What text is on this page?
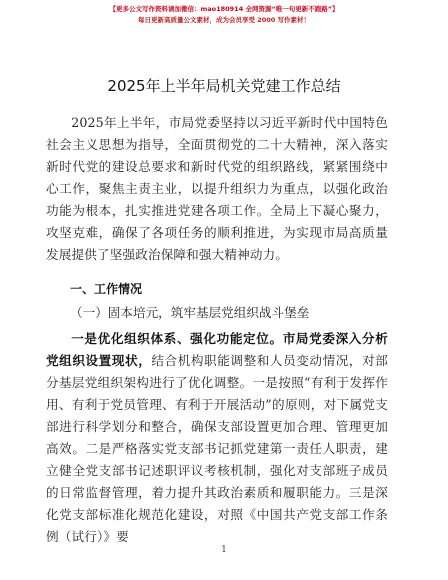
【更多公文写作资料请加微信：mao180914 全网资源“唯一句更新不跑路”】
每日更新高质量公文素材，成为会员享受 2000 写作素材！
2025年上半年局机关党建工作总结
2025年上半年，市局党委坚持以习近平新时代中国特色社会主义思想为指导，全面贯彻党的二十大精神，深入落实新时代党的建设总要求和新时代党的组织路线，紧紧围绕中心工作，聚焦主责主业，以提升组织力为重点，以强化政治功能为根本，扎实推进党建各项工作。全局上下凝心聚力，攻坚克难，确保了各项任务的顺利推进，为实现市局高质量发展提供了坚强政治保障和强大精神动力。
一、工作情况
（一）固本培元，筑牢基层党组织战斗堡垒
一是优化组织体系、强化功能定位。市局党委深入分析党组织设置现状，结合机构职能调整和人员变动情况，对部分基层党组织架构进行了优化调整。一是按照“有利于发挥作用、有利于党员管理、有利于开展活动”的原则，对下属党支部进行科学划分和整合，确保支部设置更加合理、管理更加高效。二是严格落实党支部书记抓党建第一责任人职责，建立健全党支部书记述职评议考核机制，强化对支部班子成员的日常监督管理，着力提升其政治素质和履职能力。三是深化党支部标准化规范化建设，对照《中国共产党支部工作条例（试行）》要
1
